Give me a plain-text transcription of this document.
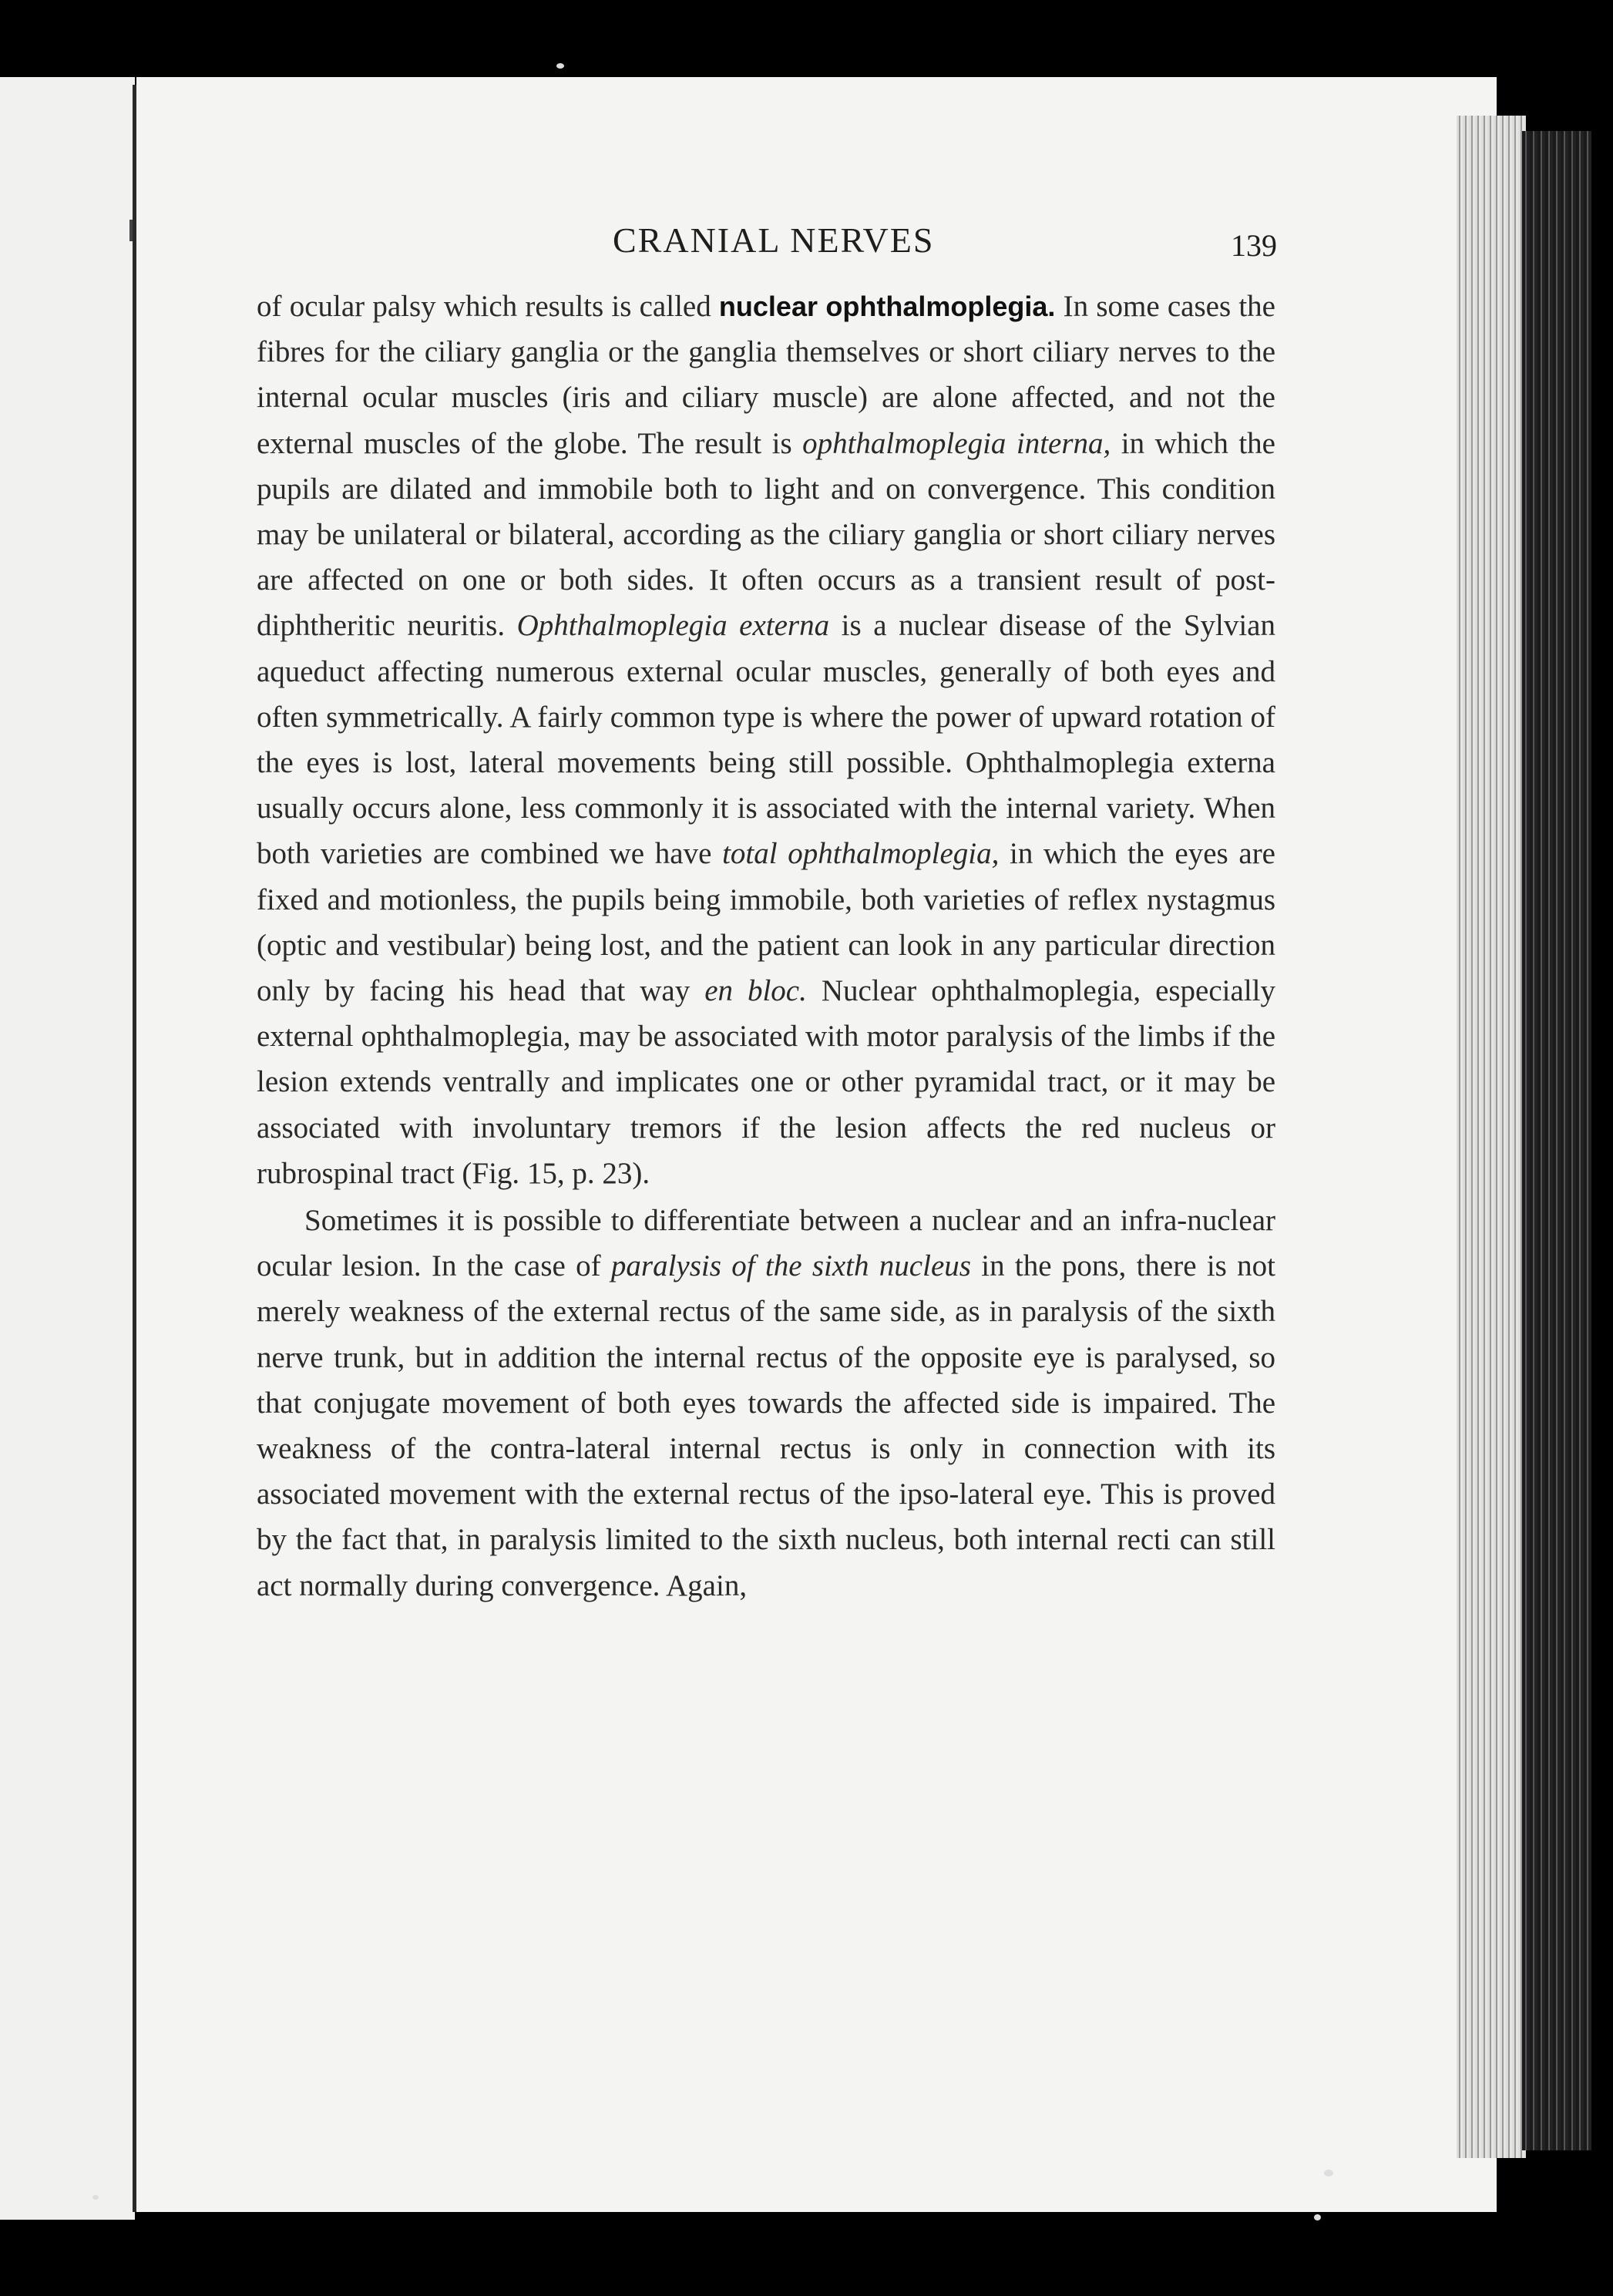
CRANIAL NERVES	139

of ocular palsy which results is called nuclear ophthalmoplegia. In some cases the fibres for the ciliary ganglia or the ganglia themselves or short ciliary nerves to the internal ocular muscles (iris and ciliary muscle) are alone affected, and not the external muscles of the globe. The result is ophthalmoplegia interna, in which the pupils are dilated and immobile both to light and on convergence. This condition may be unilateral or bilateral, according as the ciliary ganglia or short ciliary nerves are affected on one or both sides. It often occurs as a transient result of post-diphtheritic neuritis. Ophthalmoplegia externa is a nuclear disease of the Sylvian aqueduct affecting numerous external ocular muscles, generally of both eyes and often symmetrically. A fairly common type is where the power of upward rotation of the eyes is lost, lateral movements being still possible. Ophthalmoplegia externa usually occurs alone, less commonly it is associated with the internal variety. When both varieties are combined we have total ophthalmoplegia, in which the eyes are fixed and motionless, the pupils being immobile, both varieties of reflex nystagmus (optic and vestibular) being lost, and the patient can look in any particular direction only by facing his head that way en bloc. Nuclear ophthalmoplegia, especially external ophthalmoplegia, may be associated with motor paralysis of the limbs if the lesion extends ventrally and implicates one or other pyramidal tract, or it may be associated with involuntary tremors if the lesion affects the red nucleus or rubrospinal tract (Fig. 15, p. 23).

Sometimes it is possible to differentiate between a nuclear and an infra-nuclear ocular lesion. In the case of paralysis of the sixth nucleus in the pons, there is not merely weakness of the external rectus of the same side, as in paralysis of the sixth nerve trunk, but in addition the internal rectus of the opposite eye is paralysed, so that conjugate movement of both eyes towards the affected side is impaired. The weakness of the contra-lateral internal rectus is only in connection with its associated movement with the external rectus of the ipso-lateral eye. This is proved by the fact that, in paralysis limited to the sixth nucleus, both internal recti can still act normally during convergence. Again,
